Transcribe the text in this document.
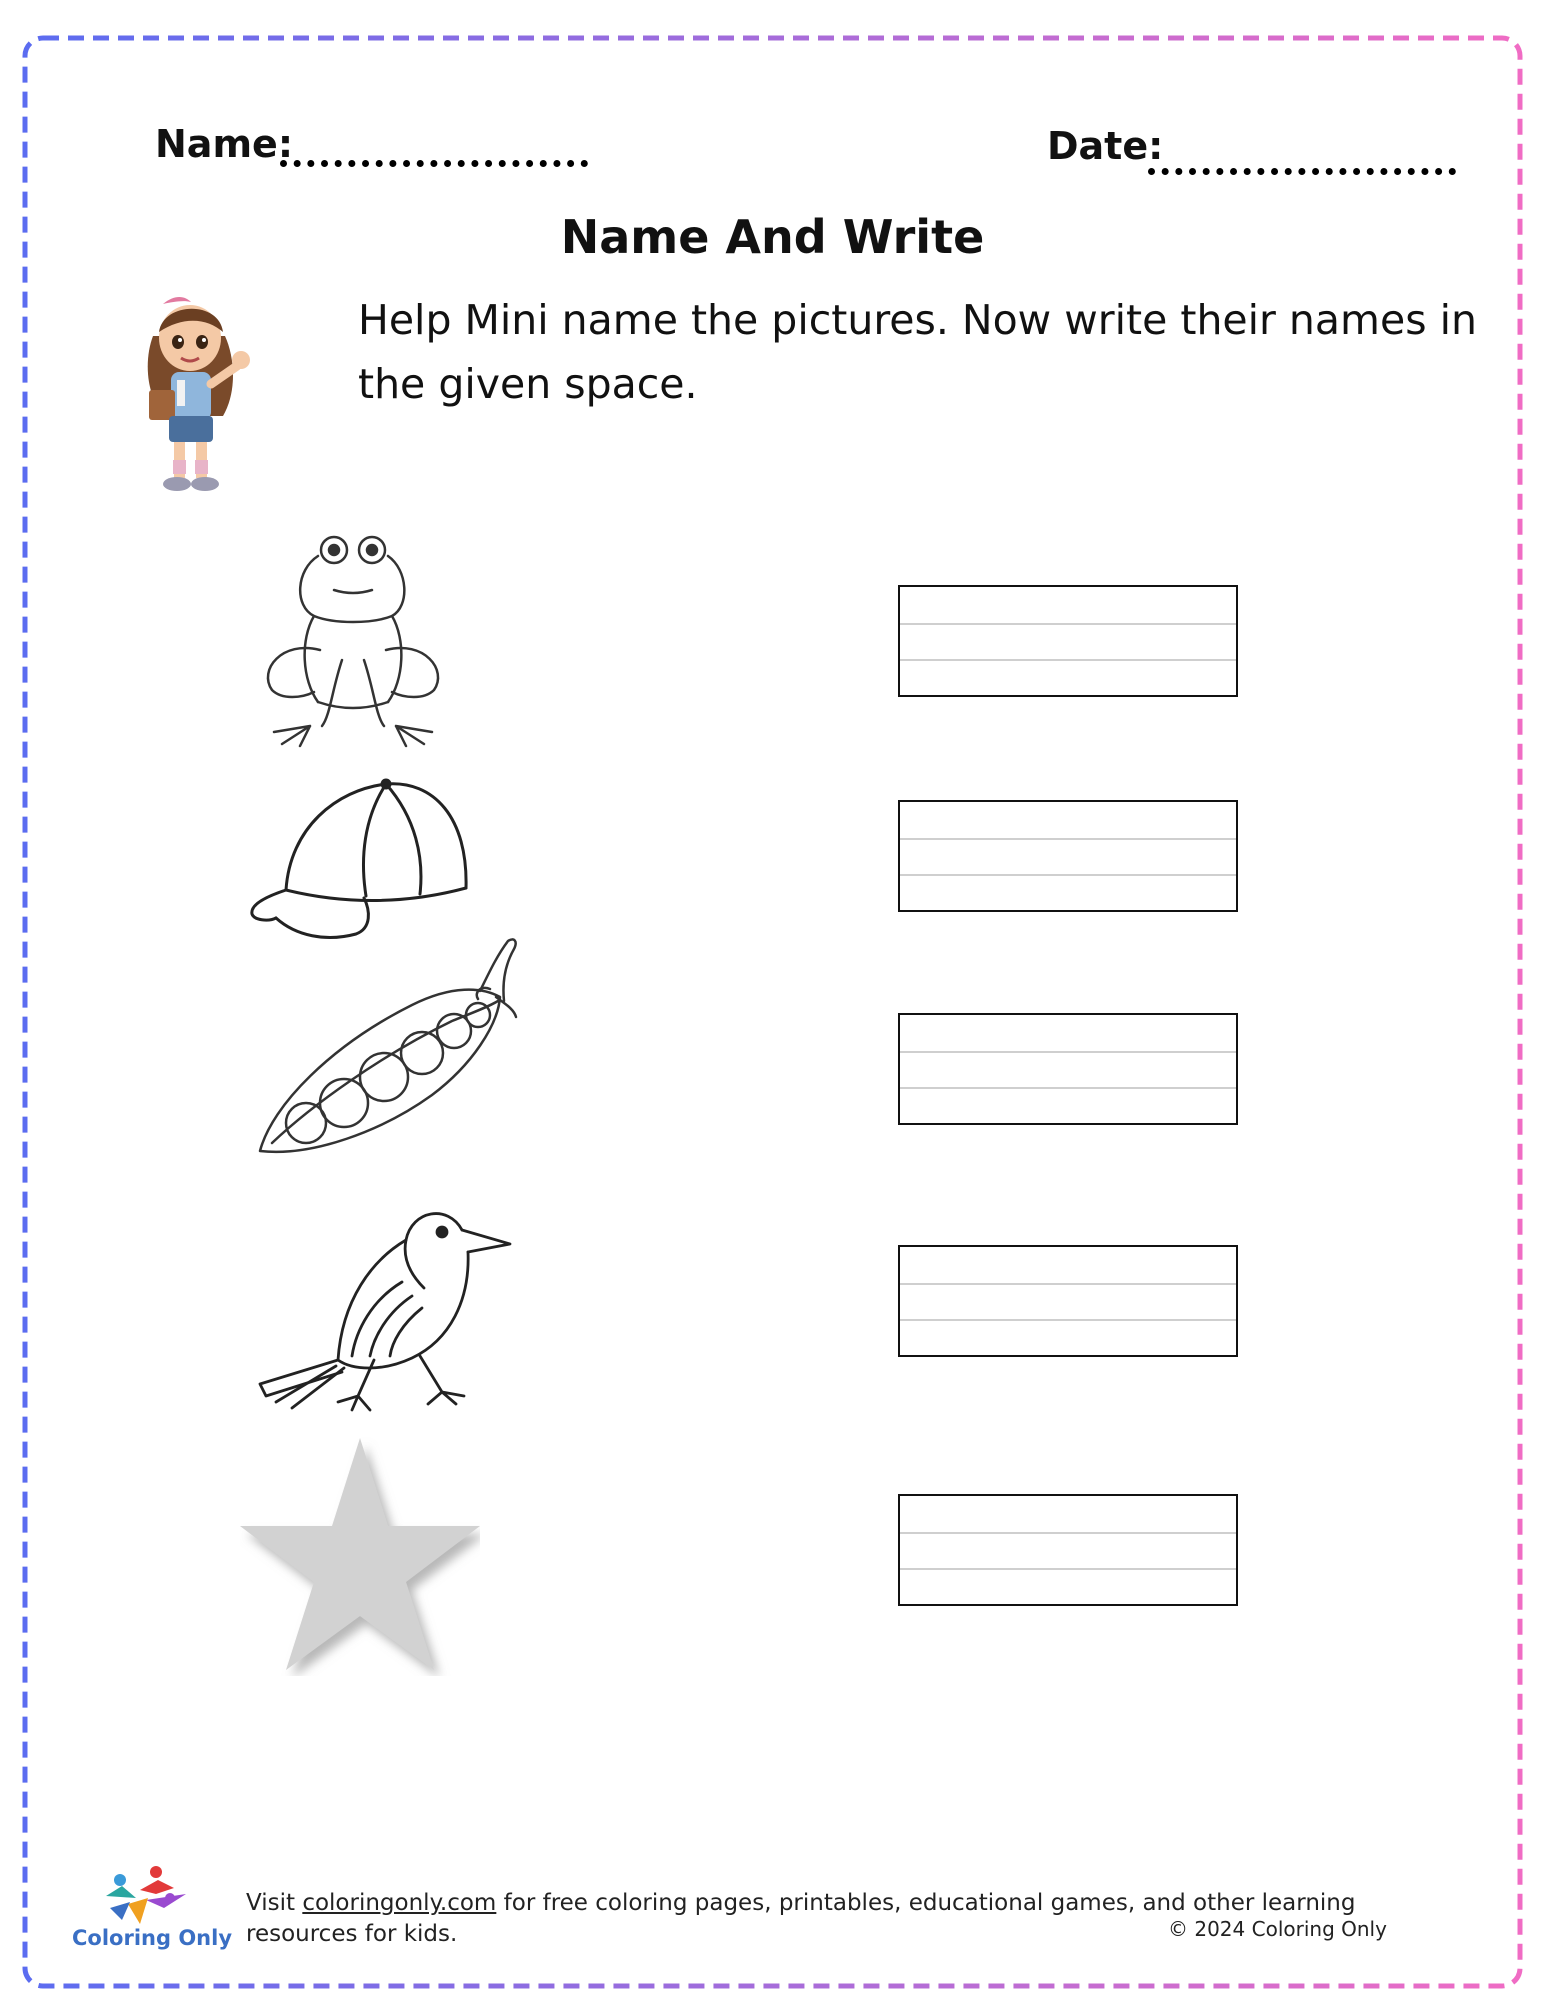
Name:	Date:
Name And Write
Help Mini name the pictures. Now write their names in the given space.
Coloring Only
Visit coloringonly.com for free coloring pages, printables, educational games, and other learning resources for kids.	© 2024 Coloring Only
